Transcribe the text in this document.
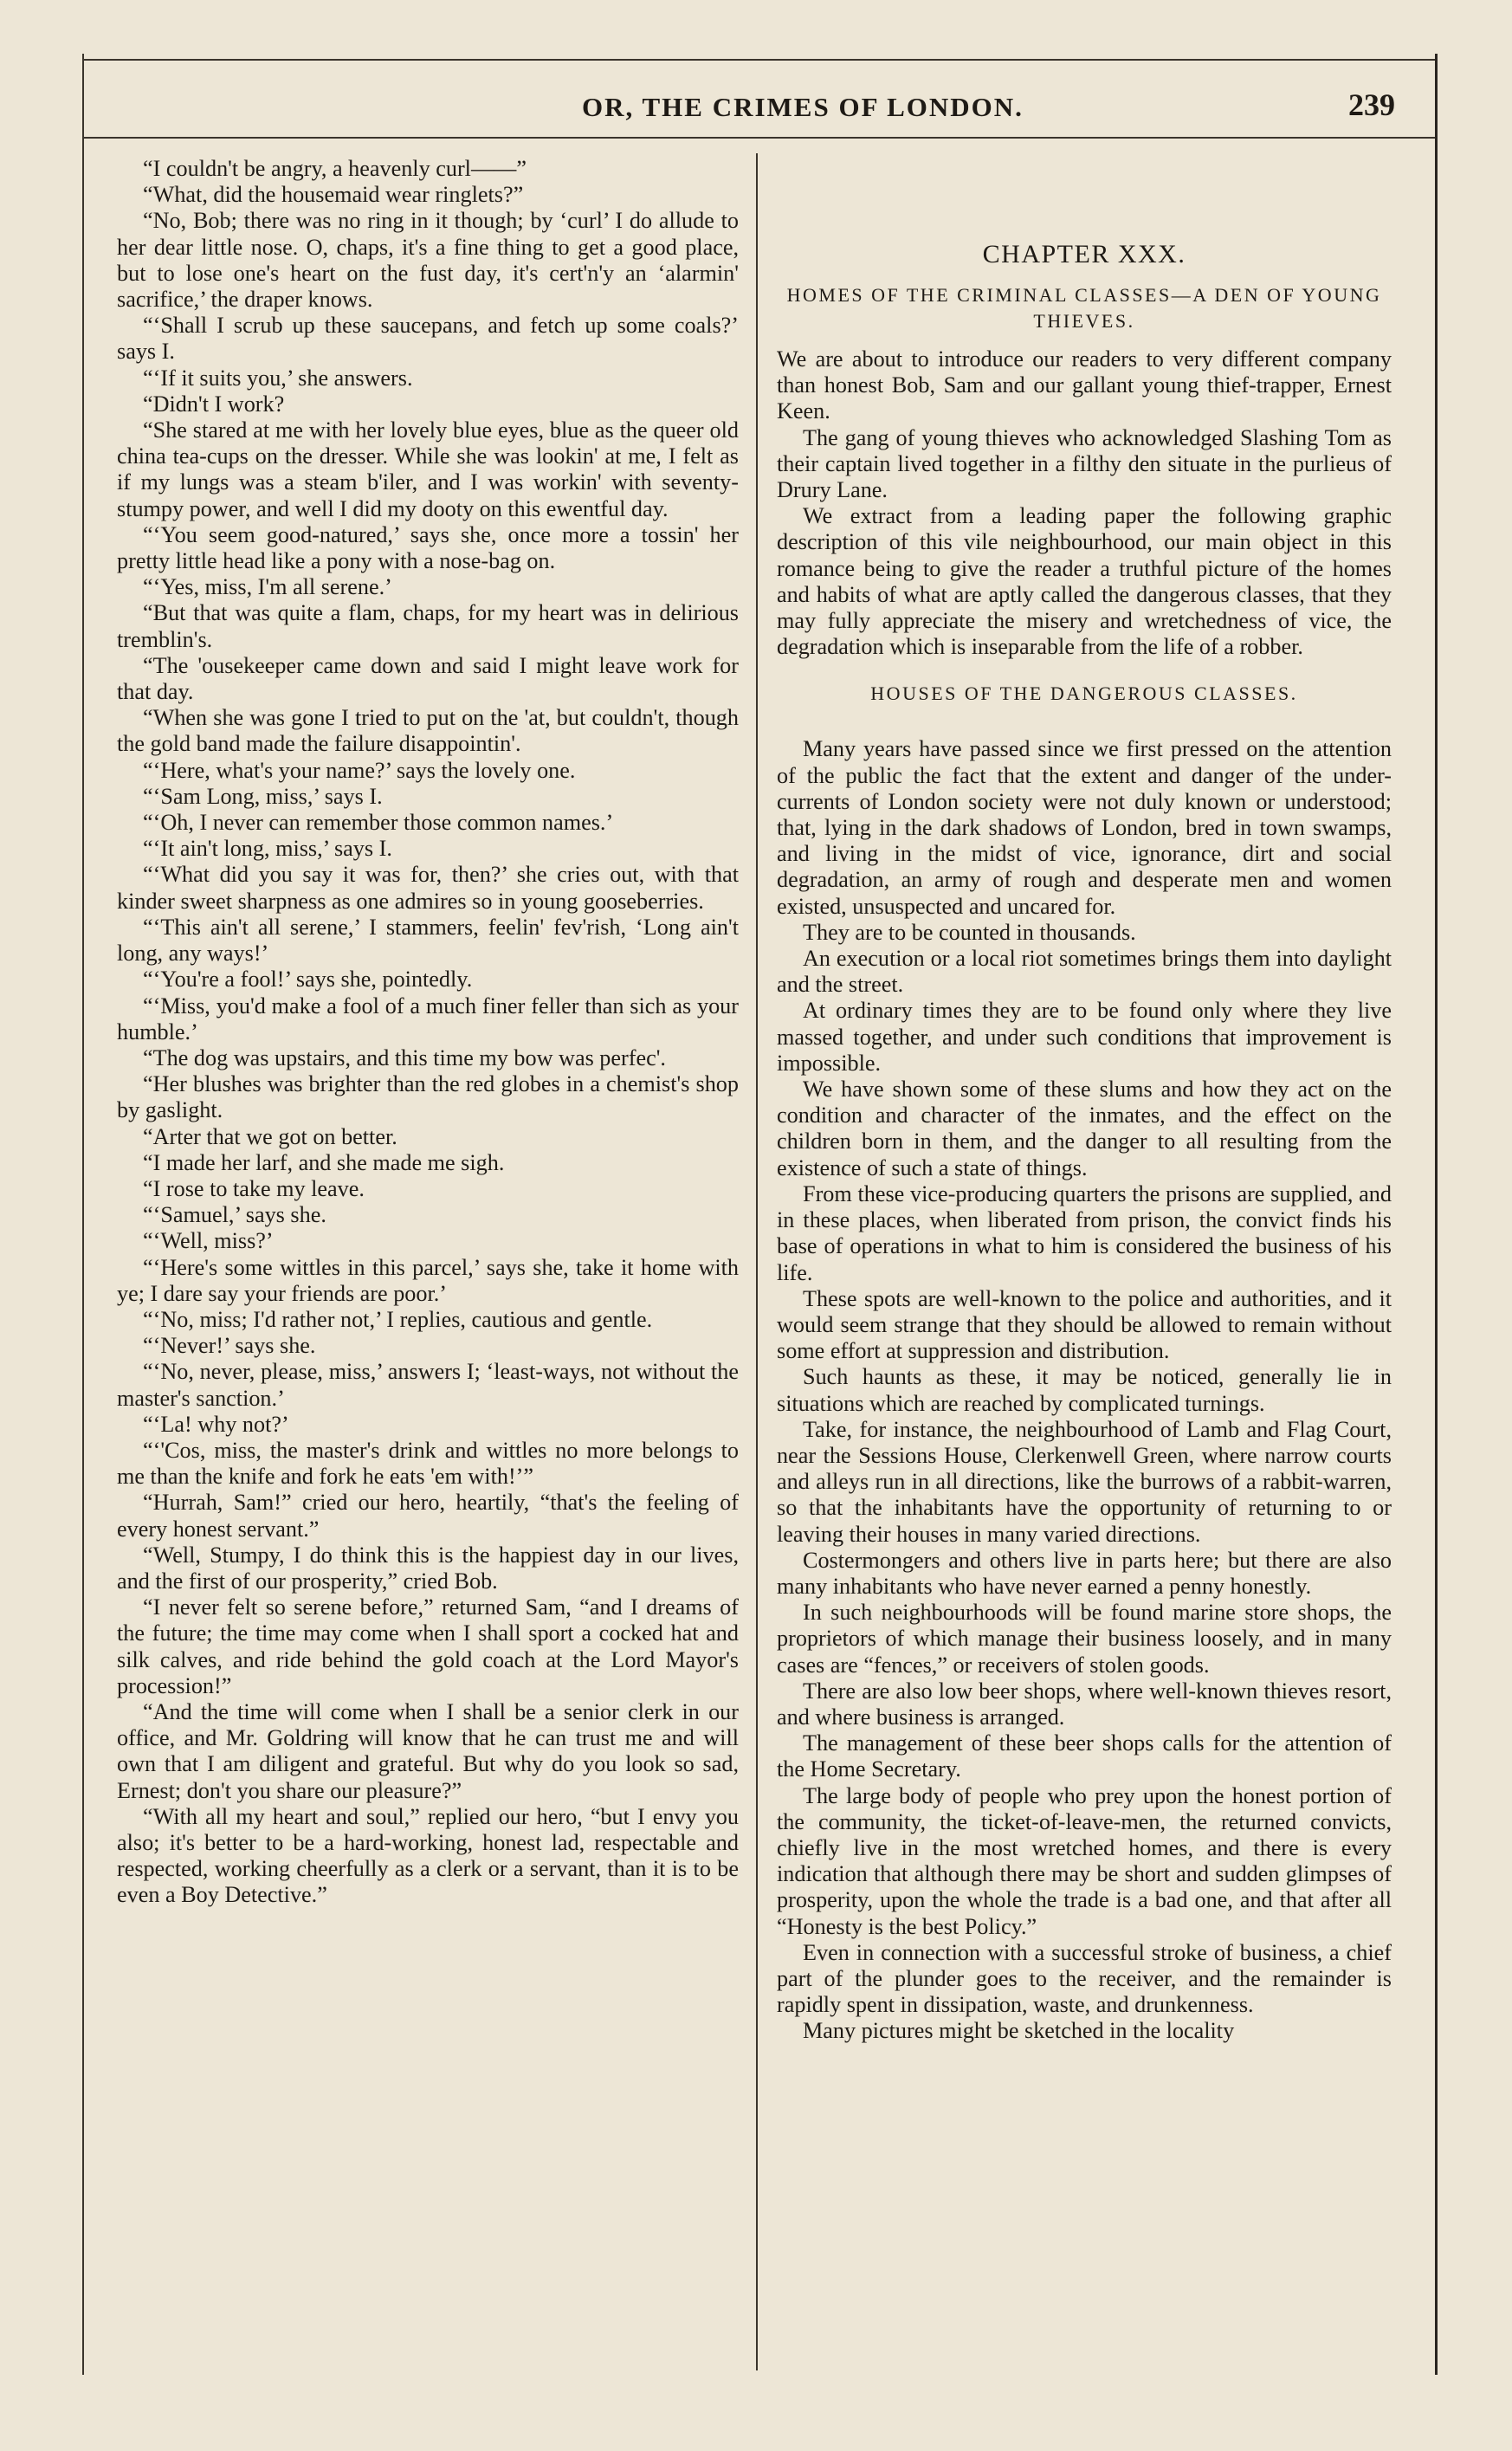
OR, THE CRIMES OF LONDON.	239

“I couldn't be angry, a heavenly curl——”

“What, did the housemaid wear ringlets?”

“No, Bob; there was no ring in it though; by ‘curl’ I do allude to her dear little nose. O, chaps, it's a fine thing to get a good place, but to lose one's heart on the fust day, it's cert'n'y an ‘alarmin' sacrifice,’ the draper knows.

“‘Shall I scrub up these saucepans, and fetch up some coals?’ says I.

“‘If it suits you,’ she answers.

“Didn't I work?

“She stared at me with her lovely blue eyes, blue as the queer old china tea-cups on the dresser. While she was lookin' at me, I felt as if my lungs was a steam b'iler, and I was workin' with seventy-stumpy power, and well I did my dooty on this ewentful day.

“‘You seem good-natured,’ says she, once more a tossin' her pretty little head like a pony with a nose-bag on.

“‘Yes, miss, I'm all serene.’

“But that was quite a flam, chaps, for my heart was in delirious tremblin's.

“The 'ousekeeper came down and said I might leave work for that day.

“When she was gone I tried to put on the 'at, but couldn't, though the gold band made the failure disappointin'.

“‘Here, what's your name?’ says the lovely one.

“‘Sam Long, miss,’ says I.

“‘Oh, I never can remember those common names.’

“‘It ain't long, miss,’ says I.

“‘What did you say it was for, then?’ she cries out, with that kinder sweet sharpness as one admires so in young gooseberries.

“‘This ain't all serene,’ I stammers, feelin' fev'rish, ‘Long ain't long, any ways!’

“‘You're a fool!’ says she, pointedly.

“‘Miss, you'd make a fool of a much finer feller than sich as your humble.’

“The dog was upstairs, and this time my bow was perfec'.

“Her blushes was brighter than the red globes in a chemist's shop by gaslight.

“Arter that we got on better.

“I made her larf, and she made me sigh.

“I rose to take my leave.

“‘Samuel,’ says she.

“‘Well, miss?’

“‘Here's some wittles in this parcel,’ says she, take it home with ye; I dare say your friends are poor.’

“‘No, miss; I'd rather not,’ I replies, cautious and gentle.

“‘Never!’ says she.

“‘No, never, please, miss,’ answers I; ‘least-ways, not without the master's sanction.’

“‘La! why not?’

“‘'Cos, miss, the master's drink and wittles no more belongs to me than the knife and fork he eats 'em with!’”

“Hurrah, Sam!” cried our hero, heartily, “that's the feeling of every honest servant.”

“Well, Stumpy, I do think this is the happiest day in our lives, and the first of our prosperity,” cried Bob.

“I never felt so serene before,” returned Sam, “and I dreams of the future; the time may come when I shall sport a cocked hat and silk calves, and ride behind the gold coach at the Lord Mayor's procession!”

“And the time will come when I shall be a senior clerk in our office, and Mr. Goldring will know that he can trust me and will own that I am diligent and grateful. But why do you look so sad, Ernest; don't you share our pleasure?”

“With all my heart and soul,” replied our hero, “but I envy you also; it's better to be a hard-working, honest lad, respectable and respected, working cheerfully as a clerk or a servant, than it is to be even a Boy Detective.”

CHAPTER XXX.
HOMES OF THE CRIMINAL CLASSES—A DEN OF YOUNG THIEVES.

We are about to introduce our readers to very different company than honest Bob, Sam and our gallant young thief-trapper, Ernest Keen.

The gang of young thieves who acknowledged Slashing Tom as their captain lived together in a filthy den situate in the purlieus of Drury Lane.

We extract from a leading paper the following graphic description of this vile neighbourhood, our main object in this romance being to give the reader a truthful picture of the homes and habits of what are aptly called the dangerous classes, that they may fully appreciate the misery and wretchedness of vice, the degradation which is inseparable from the life of a robber.

HOUSES OF THE DANGEROUS CLASSES.

Many years have passed since we first pressed on the attention of the public the fact that the extent and danger of the under-currents of London society were not duly known or understood; that, lying in the dark shadows of London, bred in town swamps, and living in the midst of vice, ignorance, dirt and social degradation, an army of rough and desperate men and women existed, unsuspected and uncared for.

They are to be counted in thousands.

An execution or a local riot sometimes brings them into daylight and the street.

At ordinary times they are to be found only where they live massed together, and under such conditions that improvement is impossible.

We have shown some of these slums and how they act on the condition and character of the inmates, and the effect on the children born in them, and the danger to all resulting from the existence of such a state of things.

From these vice-producing quarters the prisons are supplied, and in these places, when liberated from prison, the convict finds his base of operations in what to him is considered the business of his life.

These spots are well-known to the police and authorities, and it would seem strange that they should be allowed to remain without some effort at suppression and distribution.

Such haunts as these, it may be noticed, generally lie in situations which are reached by complicated turnings.

Take, for instance, the neighbourhood of Lamb and Flag Court, near the Sessions House, Clerkenwell Green, where narrow courts and alleys run in all directions, like the burrows of a rabbit-warren, so that the inhabitants have the opportunity of returning to or leaving their houses in many varied directions.

Costermongers and others live in parts here; but there are also many inhabitants who have never earned a penny honestly.

In such neighbourhoods will be found marine store shops, the proprietors of which manage their business loosely, and in many cases are “fences,” or receivers of stolen goods.

There are also low beer shops, where well-known thieves resort, and where business is arranged.

The management of these beer shops calls for the attention of the Home Secretary.

The large body of people who prey upon the honest portion of the community, the ticket-of-leave-men, the returned convicts, chiefly live in the most wretched homes, and there is every indication that although there may be short and sudden glimpses of prosperity, upon the whole the trade is a bad one, and that after all “Honesty is the best Policy.”

Even in connection with a successful stroke of business, a chief part of the plunder goes to the receiver, and the remainder is rapidly spent in dissipation, waste, and drunkenness.

Many pictures might be sketched in the locality
